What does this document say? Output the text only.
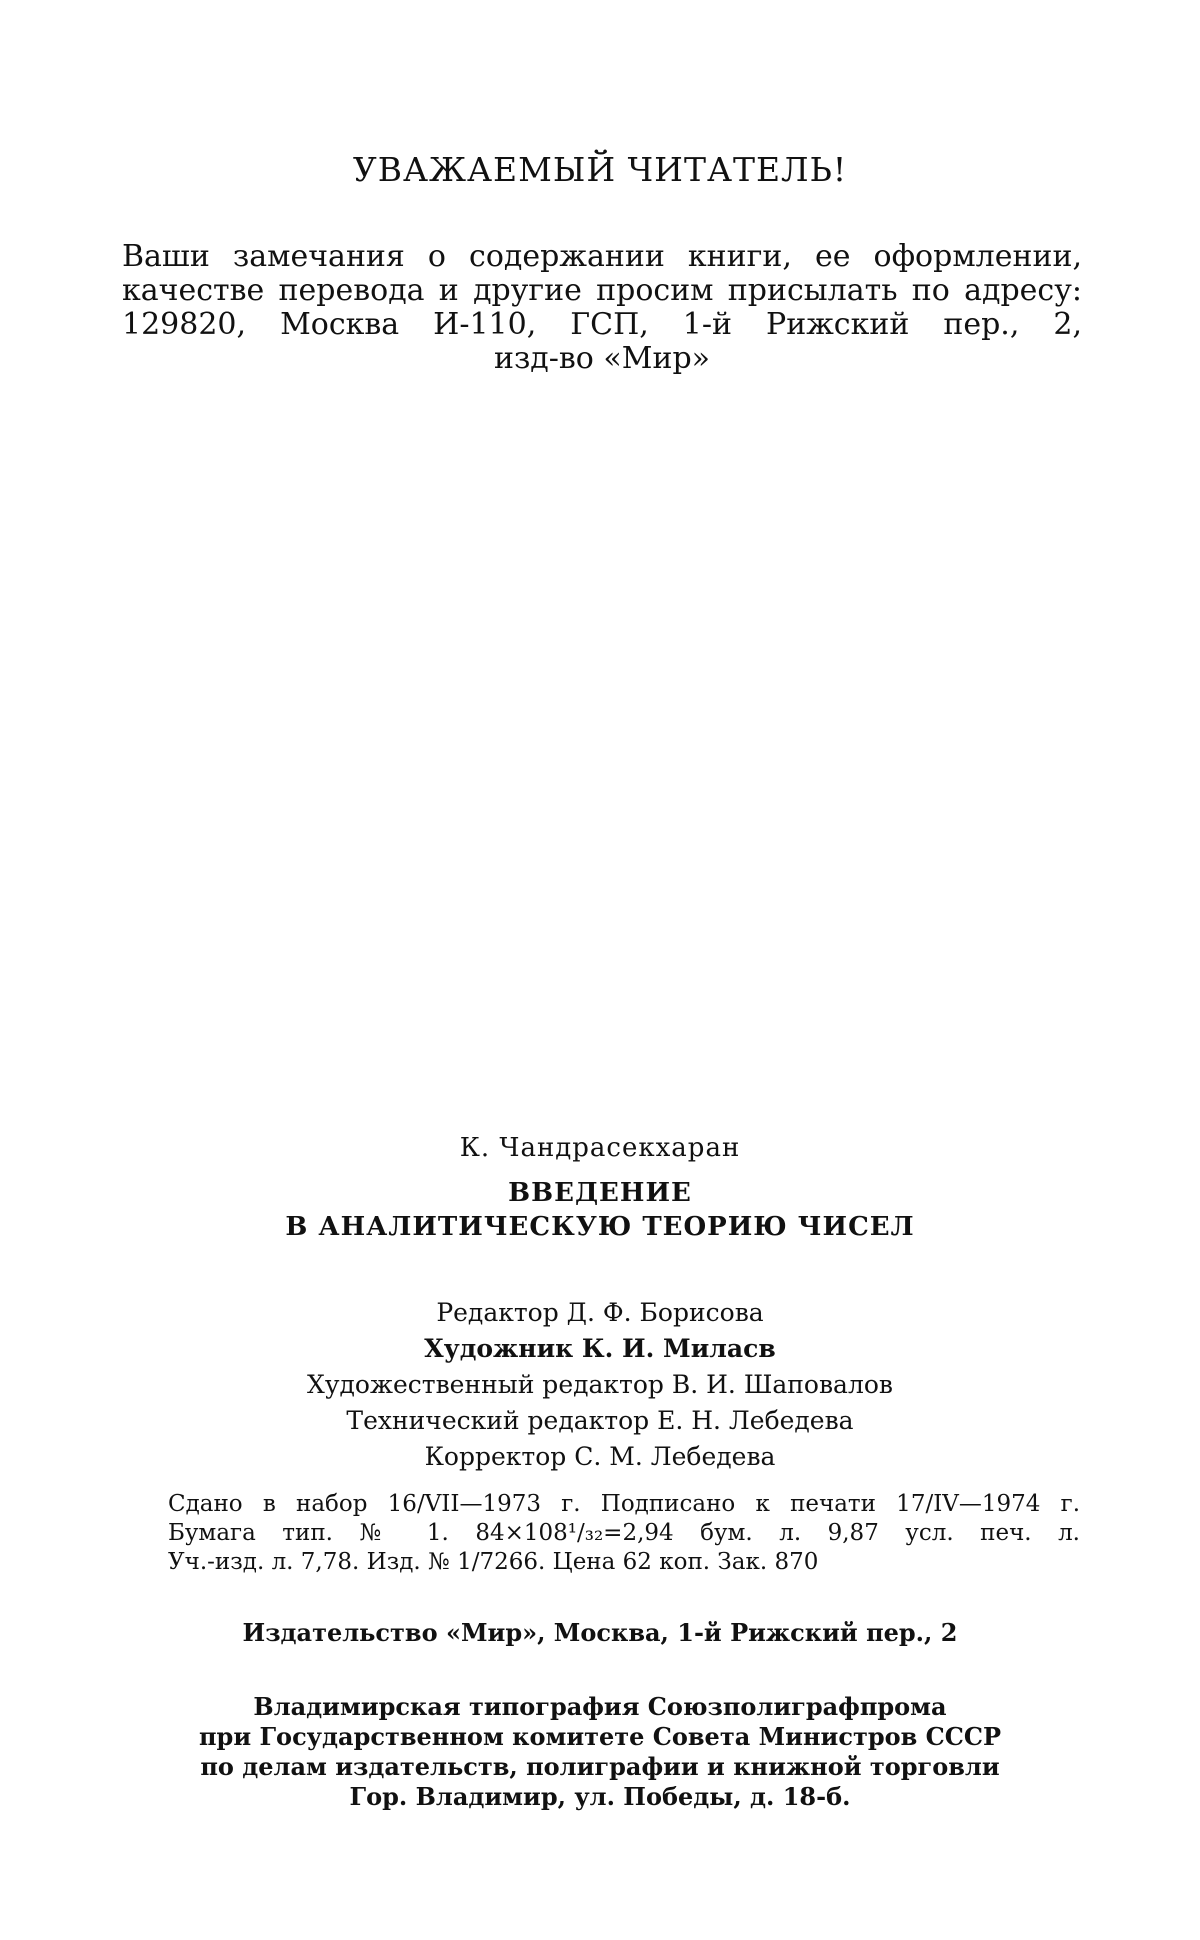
УВАЖАЕМЫЙ ЧИТАТЕЛЬ!
Ваши замечания о содержании книги, ее оформлении,
качестве перевода и другие просим присылать по адресу:
129820, Москва И-110, ГСП, 1-й Рижский пер., 2,
изд-во «Мир»
К. Чандрасекхаран
ВВЕДЕНИЕ
В АНАЛИТИЧЕСКУЮ ТЕОРИЮ ЧИСЕЛ
Редактор Д. Ф. Борисова
Художник К. И. Миласв
Художественный редактор В. И. Шаповалов
Технический редактор Е. Н. Лебедева
Корректор С. М. Лебедева
Сдано в набор 16/VII—1973 г. Подписано к печати 17/IV—1974 г.
Бумага тип. № 1. 84×108¹/₃₂=2,94 бум. л. 9,87 усл. печ. л.
Уч.-изд. л. 7,78. Изд. № 1/7266. Цена 62 коп. Зак. 870
Издательство «Мир», Москва, 1-й Рижский пер., 2
Владимирская типография Союзполиграфпрома
при Государственном комитете Совета Министров СССР
по делам издательств, полиграфии и книжной торговли
Гор. Владимир, ул. Победы, д. 18-б.
